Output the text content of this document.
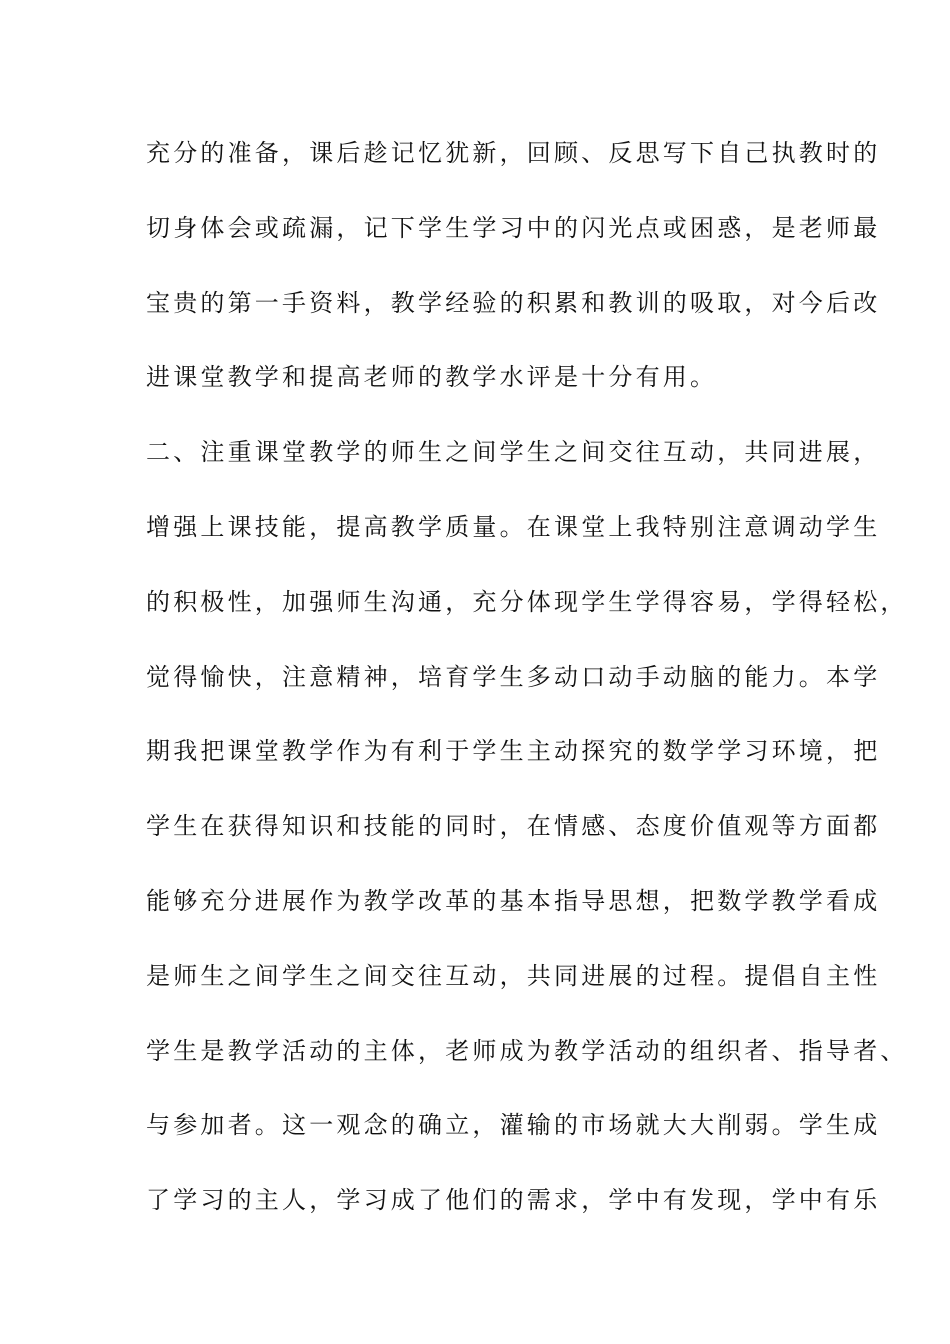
充分的准备，课后趁记忆犹新，回顾、反思写下自己执教时的
切身体会或疏漏，记下学生学习中的闪光点或困惑，是老师最
宝贵的第一手资料，教学经验的积累和教训的吸取，对今后改
进课堂教学和提高老师的教学水评是十分有用。
二、注重课堂教学的师生之间学生之间交往互动，共同进展，
增强上课技能，提高教学质量。在课堂上我特别注意调动学生
的积极性，加强师生沟通，充分体现学生学得容易，学得轻松，
觉得愉快，注意精神，培育学生多动口动手动脑的能力。本学
期我把课堂教学作为有利于学生主动探究的数学学习环境，把
学生在获得知识和技能的同时，在情感、态度价值观等方面都
能够充分进展作为教学改革的基本指导思想，把数学教学看成
是师生之间学生之间交往互动，共同进展的过程。提倡自主性
学生是教学活动的主体，老师成为教学活动的组织者、指导者、
与参加者。这一观念的确立，灌输的市场就大大削弱。学生成
了学习的主人，学习成了他们的需求，学中有发现，学中有乐
